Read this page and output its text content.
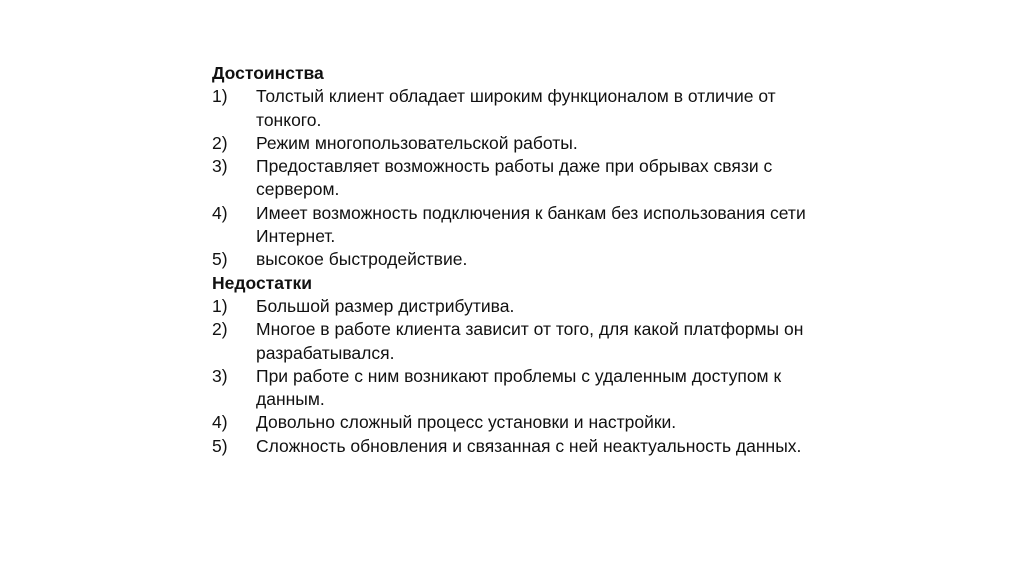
Достоинства

1)	Толстый клиент обладает широким функционалом в отличие от тонкого.
2)	Режим многопользовательской работы.
3)	Предоставляет возможность работы даже при обрывах связи с сервером.
4)	Имеет возможность подключения к банкам без использования сети Интернет.
5)	высокое быстродействие.

Недостатки

1)	Большой размер дистрибутива.
2)	Многое в работе клиента зависит от того, для какой платформы он разрабатывался.
3)	При работе с ним возникают проблемы с удаленным доступом к данным.
4)	Довольно сложный процесс установки и настройки.
5)	Сложность обновления и связанная с ней неактуальность данных.
